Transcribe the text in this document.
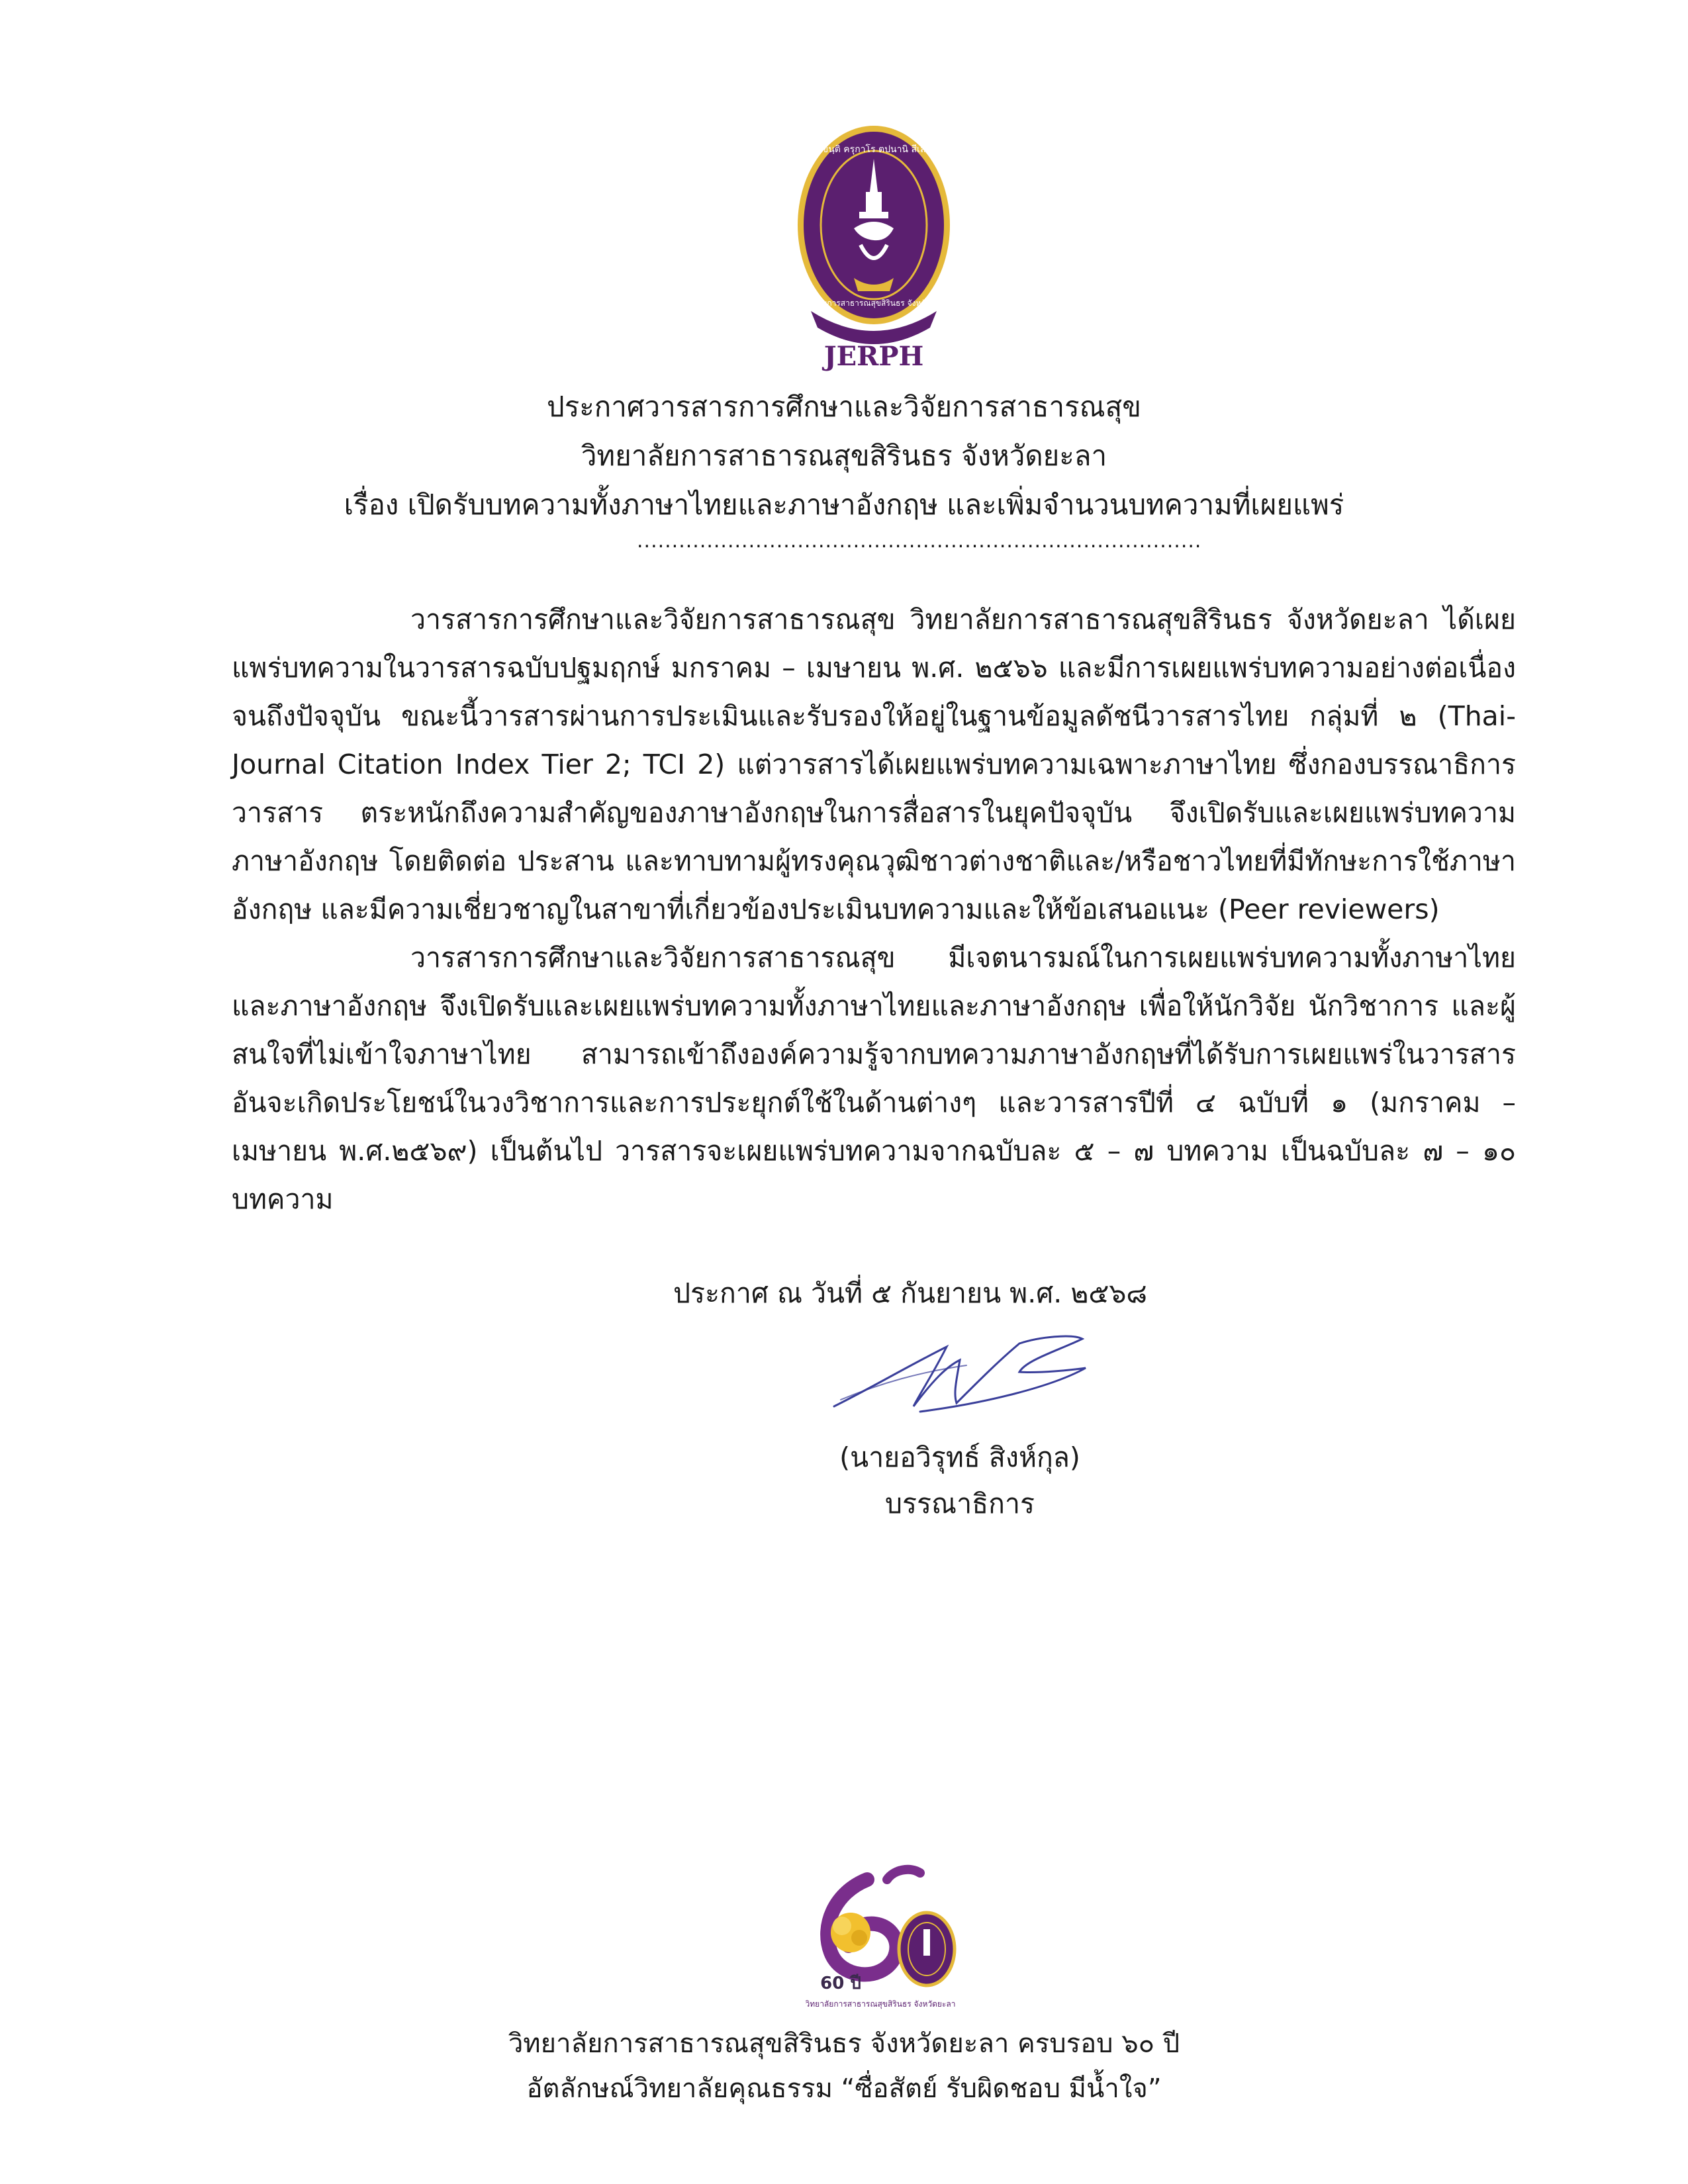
ขนฺติ ครุกาโร ตปนานิ สีเล
วิทยาลัยการสาธารณสุขสิรินธร จังหวัดยะลา
JERPH
ประกาศวารสารการศึกษาและวิจัยการสาธารณสุข
วิทยาลัยการสาธารณสุขสิรินธร จังหวัดยะลา
เรื่อง เปิดรับบทความทั้งภาษาไทยและภาษาอังกฤษ และเพิ่มจำนวนบทความที่เผยแพร่
.................................................................................

วารสารการศึกษาและวิจัยการสาธารณสุข วิทยาลัยการสาธารณสุขสิรินธร จังหวัดยะลา ได้เผยแพร่บทความในวารสารฉบับปฐมฤกษ์ มกราคม – เมษายน พ.ศ. ๒๕๖๖ และมีการเผยแพร่บทความอย่างต่อเนื่องจนถึงปัจจุบัน ขณะนี้วารสารผ่านการประเมินและรับรองให้อยู่ในฐานข้อมูลดัชนีวารสารไทย กลุ่มที่ ๒ (Thai-Journal Citation Index Tier 2; TCI 2) แต่วารสารได้เผยแพร่บทความเฉพาะภาษาไทย ซึ่งกองบรรณาธิการวารสาร ตระหนักถึงความสำคัญของภาษาอังกฤษในการสื่อสารในยุคปัจจุบัน จึงเปิดรับและเผยแพร่บทความภาษาอังกฤษ โดยติดต่อ ประสาน และทาบทามผู้ทรงคุณวุฒิชาวต่างชาติและ/หรือชาวไทยที่มีทักษะการใช้ภาษาอังกฤษ และมีความเชี่ยวชาญในสาขาที่เกี่ยวข้องประเมินบทความและให้ข้อเสนอแนะ (Peer reviewers)

วารสารการศึกษาและวิจัยการสาธารณสุข มีเจตนารมณ์ในการเผยแพร่บทความทั้งภาษาไทยและภาษาอังกฤษ จึงเปิดรับและเผยแพร่บทความทั้งภาษาไทยและภาษาอังกฤษ เพื่อให้นักวิจัย นักวิชาการ และผู้สนใจที่ไม่เข้าใจภาษาไทย สามารถเข้าถึงองค์ความรู้จากบทความภาษาอังกฤษที่ได้รับการเผยแพร่ในวารสาร อันจะเกิดประโยชน์ในวงวิชาการและการประยุกต์ใช้ในด้านต่างๆ และวารสารปีที่ ๔ ฉบับที่ ๑ (มกราคม – เมษายน พ.ศ.๒๕๖๙) เป็นต้นไป วารสารจะเผยแพร่บทความจากฉบับละ ๕ – ๗ บทความ เป็นฉบับละ ๗ – ๑๐ บทความ

ประกาศ ณ วันที่ ๕ กันยายน พ.ศ. ๒๕๖๘
(นายอวิรุทธ์ สิงห์กุล)
บรรณาธิการ
60 ปี
วิทยาลัยการสาธารณสุขสิรินธร จังหวัดยะลา
วิทยาลัยการสาธารณสุขสิรินธร จังหวัดยะลา ครบรอบ ๖๐ ปี
อัตลักษณ์วิทยาลัยคุณธรรม “ซื่อสัตย์ รับผิดชอบ มีน้ำใจ”
